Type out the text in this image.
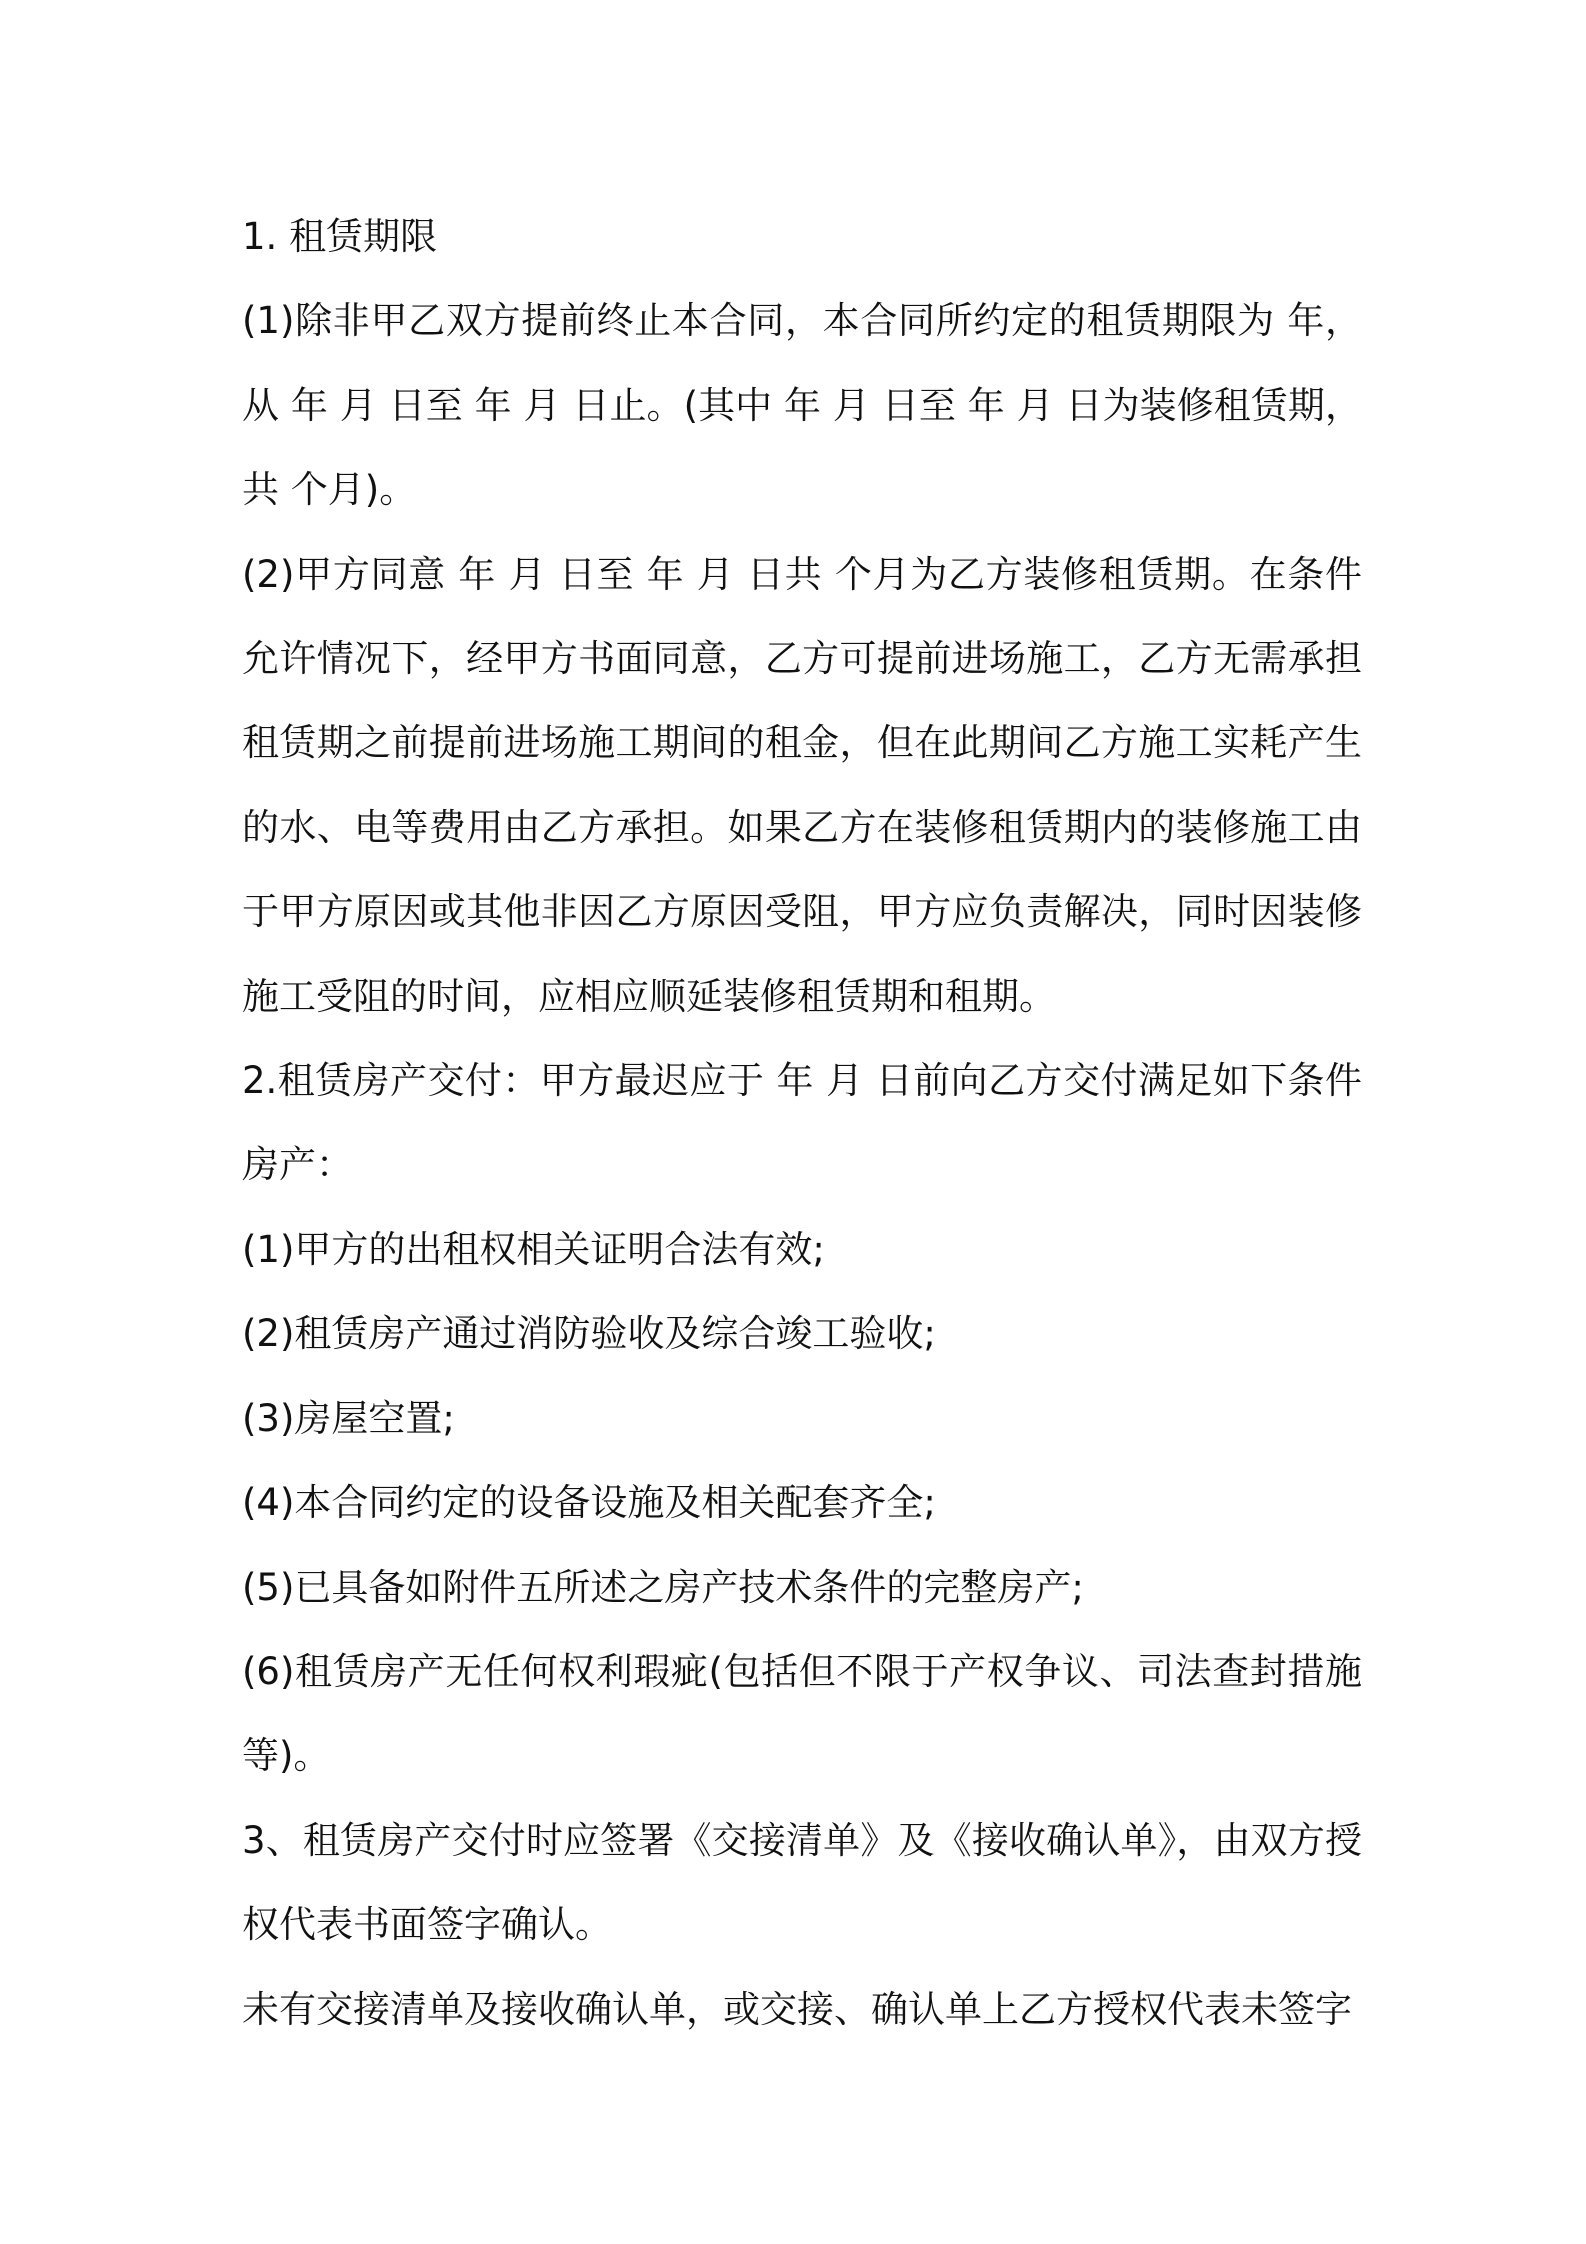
1. 租赁期限

(1)除非甲乙双方提前终止本合同，本合同所约定的租赁期限为 年，从 年 月 日至 年 月 日止。(其中 年 月 日至 年 月 日为装修租赁期，共 个月)。

(2)甲方同意 年 月 日至 年 月 日共 个月为乙方装修租赁期。在条件允许情况下，经甲方书面同意，乙方可提前进场施工，乙方无需承担租赁期之前提前进场施工期间的租金，但在此期间乙方施工实耗产生的水、电等费用由乙方承担。如果乙方在装修租赁期内的装修施工由于甲方原因或其他非因乙方原因受阻，甲方应负责解决，同时因装修施工受阻的时间，应相应顺延装修租赁期和租期。

2.租赁房产交付：甲方最迟应于 年 月 日前向乙方交付满足如下条件房产：

(1)甲方的出租权相关证明合法有效;

(2)租赁房产通过消防验收及综合竣工验收;

(3)房屋空置;

(4)本合同约定的设备设施及相关配套齐全;

(5)已具备如附件五所述之房产技术条件的完整房产;

(6)租赁房产无任何权利瑕疵(包括但不限于产权争议、司法查封措施等)。

3、租赁房产交付时应签署《交接清单》及《接收确认单》，由双方授权代表书面签字确认。

未有交接清单及接收确认单，或交接、确认单上乙方授权代表未签字
